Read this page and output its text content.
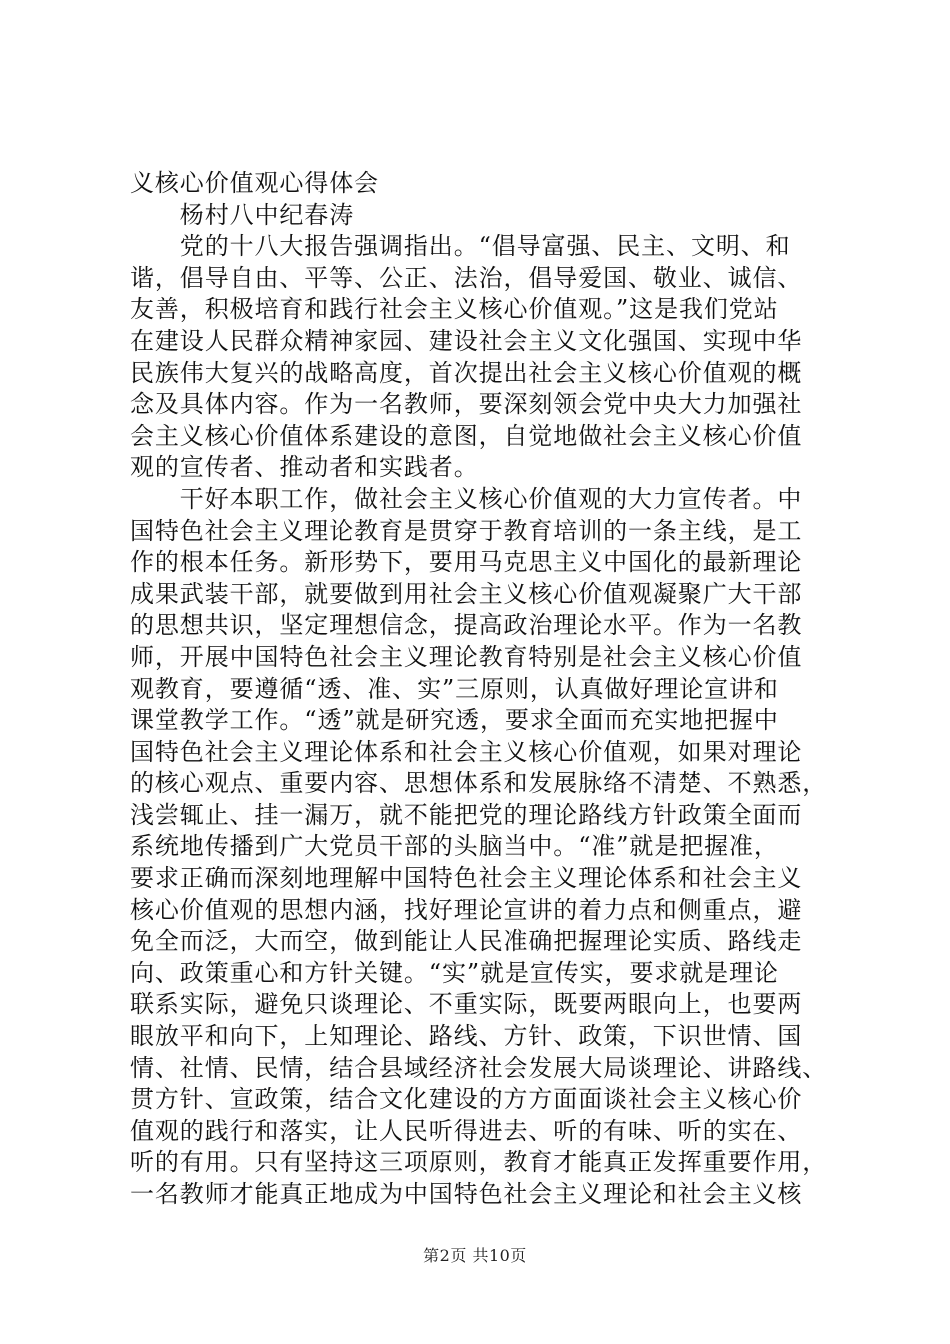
义核心价值观心得体会
　　杨村八中纪春涛
　　党的十八大报告强调指出。“倡导富强、民主、文明、和
谐，倡导自由、平等、公正、法治，倡导爱国、敬业、诚信、
友善，积极培育和践行社会主义核心价值观。”这是我们党站
在建设人民群众精神家园、建设社会主义文化强国、实现中华
民族伟大复兴的战略高度，首次提出社会主义核心价值观的概
念及具体内容。作为一名教师，要深刻领会党中央大力加强社
会主义核心价值体系建设的意图，自觉地做社会主义核心价值
观的宣传者、推动者和实践者。
　　干好本职工作，做社会主义核心价值观的大力宣传者。中
国特色社会主义理论教育是贯穿于教育培训的一条主线，是工
作的根本任务。新形势下，要用马克思主义中国化的最新理论
成果武装干部，就要做到用社会主义核心价值观凝聚广大干部
的思想共识，坚定理想信念，提高政治理论水平。作为一名教
师，开展中国特色社会主义理论教育特别是社会主义核心价值
观教育，要遵循“透、准、实”三原则，认真做好理论宣讲和
课堂教学工作。“透”就是研究透，要求全面而充实地把握中
国特色社会主义理论体系和社会主义核心价值观，如果对理论
的核心观点、重要内容、思想体系和发展脉络不清楚、不熟悉，
浅尝辄止、挂一漏万，就不能把党的理论路线方针政策全面而
系统地传播到广大党员干部的头脑当中。“准”就是把握准，
要求正确而深刻地理解中国特色社会主义理论体系和社会主义
核心价值观的思想内涵，找好理论宣讲的着力点和侧重点，避
免全而泛，大而空，做到能让人民准确把握理论实质、路线走
向、政策重心和方针关键。“实”就是宣传实，要求就是理论
联系实际，避免只谈理论、不重实际，既要两眼向上，也要两
眼放平和向下，上知理论、路线、方针、政策，下识世情、国
情、社情、民情，结合县域经济社会发展大局谈理论、讲路线、
贯方针、宣政策，结合文化建设的方方面面谈社会主义核心价
值观的践行和落实，让人民听得进去、听的有味、听的实在、
听的有用。只有坚持这三项原则，教育才能真正发挥重要作用，
一名教师才能真正地成为中国特色社会主义理论和社会主义核
第2页 共10页
